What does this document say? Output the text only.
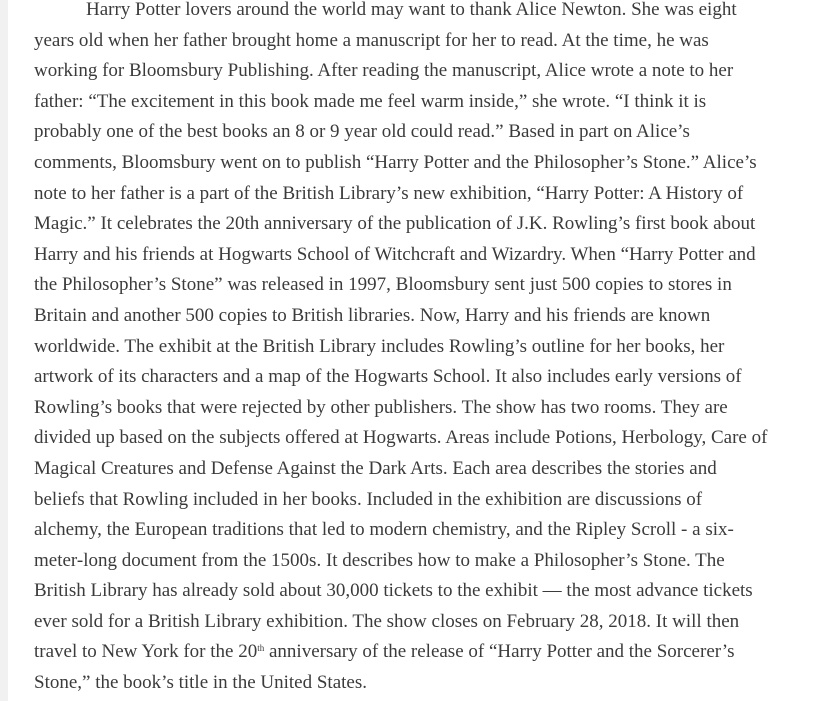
Harry Potter lovers around the world may want to thank Alice Newton. She was eight
years old when her father brought home a manuscript for her to read. At the time, he was
working for Bloomsbury Publishing. After reading the manuscript, Alice wrote a note to her
father: “The excitement in this book made me feel warm inside,” she wrote. “I think it is
probably one of the best books an 8 or 9 year old could read.” Based in part on Alice’s
comments, Bloomsbury went on to publish “Harry Potter and the Philosopher’s Stone.” Alice’s
note to her father is a part of the British Library’s new exhibition, “Harry Potter: A History of
Magic.” It celebrates the 20th anniversary of the publication of J.K. Rowling’s first book about
Harry and his friends at Hogwarts School of Witchcraft and Wizardry. When “Harry Potter and
the Philosopher’s Stone” was released in 1997, Bloomsbury sent just 500 copies to stores in
Britain and another 500 copies to British libraries. Now, Harry and his friends are known
worldwide. The exhibit at the British Library includes Rowling’s outline for her books, her
artwork of its characters and a map of the Hogwarts School. It also includes early versions of
Rowling’s books that were rejected by other publishers. The show has two rooms. They are
divided up based on the subjects offered at Hogwarts. Areas include Potions, Herbology, Care of
Magical Creatures and Defense Against the Dark Arts. Each area describes the stories and
beliefs that Rowling included in her books. Included in the exhibition are discussions of
alchemy, the European traditions that led to modern chemistry, and the Ripley Scroll - a six-
meter-long document from the 1500s. It describes how to make a Philosopher’s Stone. The
British Library has already sold about 30,000 tickets to the exhibit — the most advance tickets
ever sold for a British Library exhibition. The show closes on February 28, 2018. It will then
travel to New York for the 20th anniversary of the release of “Harry Potter and the Sorcerer’s
Stone,” the book’s title in the United States.
